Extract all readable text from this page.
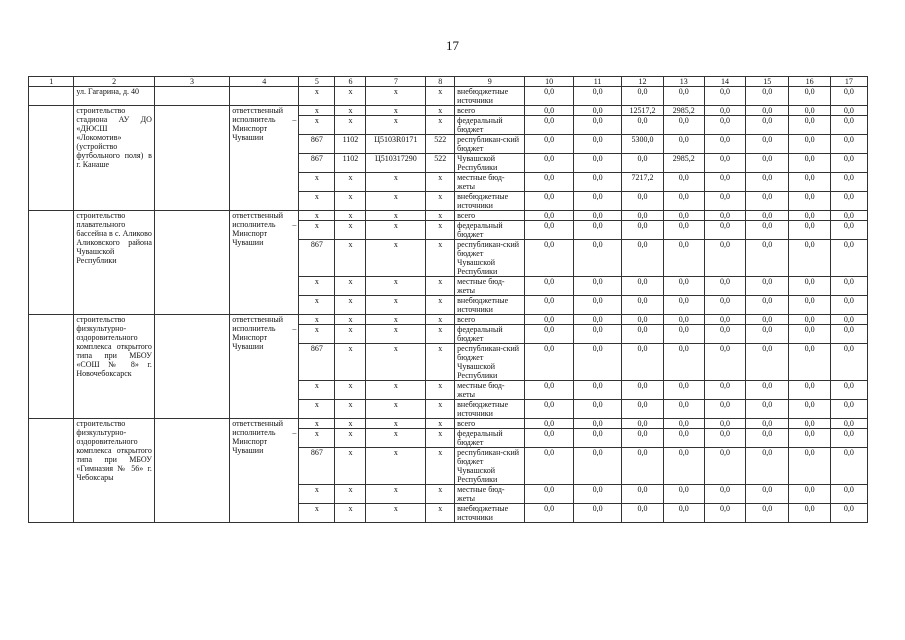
17
1	2	3	4	5	6	7	8	9	10	11	12	13	14	15	16	17
	ул. Гагарина, д. 40			x	x	x	x	внебюджетные источники	0,0	0,0	0,0	0,0	0,0	0,0	0,0	0,0
	строительство стадиона АУ ДО «ДЮСШ «Локомотив» (устройство футбольного поля) в г. Канаше		ответственный исполнитель – Минспорт Чувашии	x	x	x	x	всего	0,0	0,0	12517,2	2985,2	0,0	0,0	0,0	0,0
				x	x	x	x	федеральный бюджет	0,0	0,0	0,0	0,0	0,0	0,0	0,0	0,0
				867	1102	Ц5103R0171	522	республикан-ский бюджет	0,0	0,0	5300,0	0,0	0,0	0,0	0,0	0,0
				867	1102	Ц510317290	522	Чувашской Республики	0,0	0,0	0,0	2985,2	0,0	0,0	0,0	0,0
				x	x	x	x	местные бюд-жеты	0,0	0,0	7217,2	0,0	0,0	0,0	0,0	0,0
				x	x	x	x	внебюджетные источники	0,0	0,0	0,0	0,0	0,0	0,0	0,0	0,0
	строительство плавательного бассейна в с. Аликово Аликовского района Чувашской Республики		ответственный исполнитель – Минспорт Чувашии	x	x	x	x	всего	0,0	0,0	0,0	0,0	0,0	0,0	0,0	0,0
				x	x	x	x	федеральный бюджет	0,0	0,0	0,0	0,0	0,0	0,0	0,0	0,0
				867	x	x	x	республикан-ский бюджет Чувашской Республики	0,0	0,0	0,0	0,0	0,0	0,0	0,0	0,0
				x	x	x	x	местные бюд-жеты	0,0	0,0	0,0	0,0	0,0	0,0	0,0	0,0
				x	x	x	x	внебюджетные источники	0,0	0,0	0,0	0,0	0,0	0,0	0,0	0,0
	строительство физкультурно-оздоровительного комплекса открытого типа при МБОУ «СОШ № 8» г. Новочебоксарск		ответственный исполнитель – Минспорт Чувашии	x	x	x	x	всего	0,0	0,0	0,0	0,0	0,0	0,0	0,0	0,0
				x	x	x	x	федеральный бюджет	0,0	0,0	0,0	0,0	0,0	0,0	0,0	0,0
				867	x	x	x	республикан-ский бюджет Чувашской Республики	0,0	0,0	0,0	0,0	0,0	0,0	0,0	0,0
				x	x	x	x	местные бюд-жеты	0,0	0,0	0,0	0,0	0,0	0,0	0,0	0,0
				x	x	x	x	внебюджетные источники	0,0	0,0	0,0	0,0	0,0	0,0	0,0	0,0
	строительство физкультурно-оздоровительного комплекса открытого типа при МБОУ «Гимназия № 56» г. Чебоксары		ответственный исполнитель – Минспорт Чувашии	x	x	x	x	всего	0,0	0,0	0,0	0,0	0,0	0,0	0,0	0,0
				x	x	x	x	федеральный бюджет	0,0	0,0	0,0	0,0	0,0	0,0	0,0	0,0
				867	x	x	x	республикан-ский бюджет Чувашской Республики	0,0	0,0	0,0	0,0	0,0	0,0	0,0	0,0
				x	x	x	x	местные бюд-жеты	0,0	0,0	0,0	0,0	0,0	0,0	0,0	0,0
				x	x	x	x	внебюджетные источники	0,0	0,0	0,0	0,0	0,0	0,0	0,0	0,0
